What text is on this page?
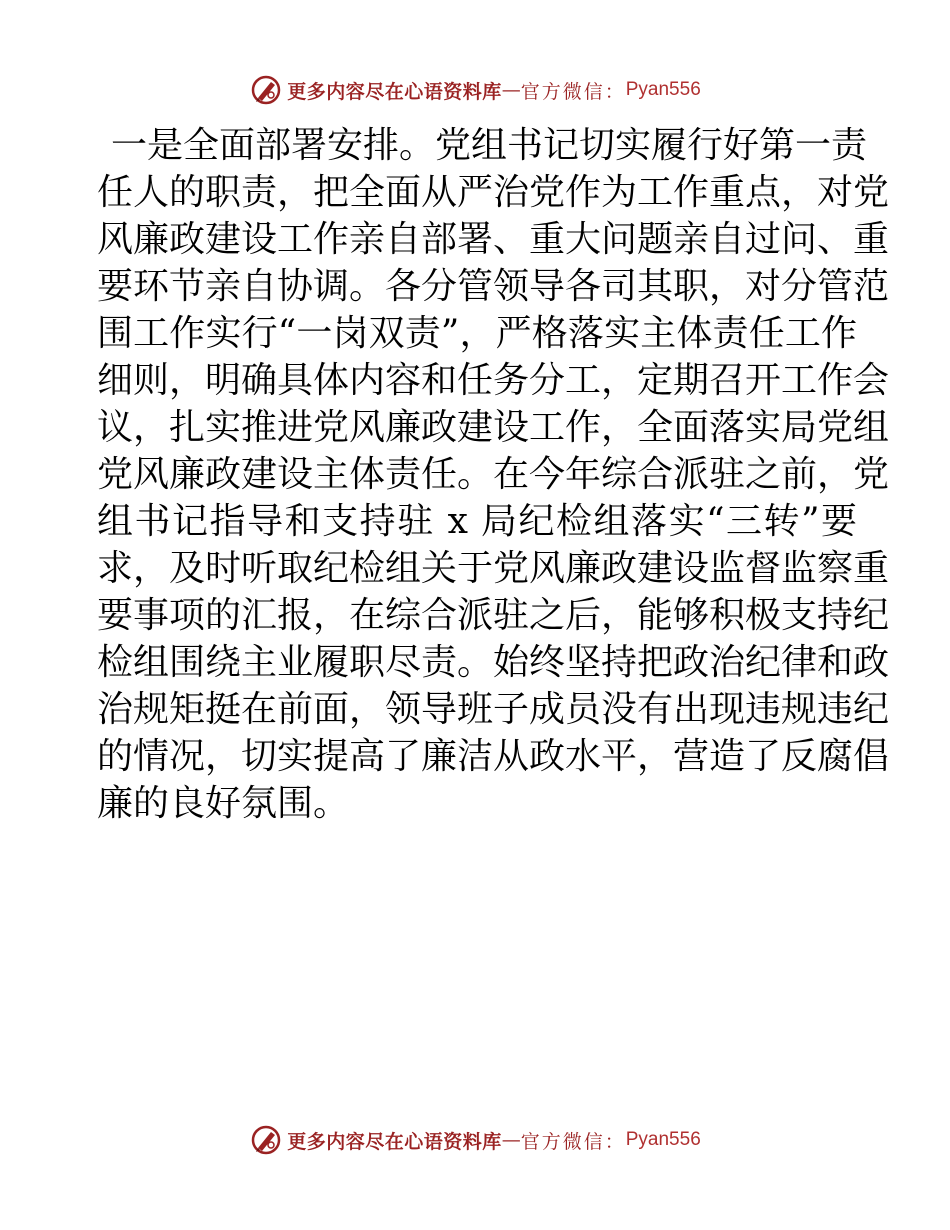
更多内容尽在心语资料库 — 官方微信： Pyan556
一是全面部署安排。党组书记切实履行好第一责
任人的职责，把全面从严治党作为工作重点，对党
风廉政建设工作亲自部署、重大问题亲自过问、重
要环节亲自协调。各分管领导各司其职，对分管范
围工作实行“一岗双责”，严格落实主体责任工作
细则，明确具体内容和任务分工，定期召开工作会
议，扎实推进党风廉政建设工作，全面落实局党组
党风廉政建设主体责任。在今年综合派驻之前，党
组书记指导和支持驻 x 局纪检组落实“三转”要
求，及时听取纪检组关于党风廉政建设监督监察重
要事项的汇报，在综合派驻之后，能够积极支持纪
检组围绕主业履职尽责。始终坚持把政治纪律和政
治规矩挺在前面，领导班子成员没有出现违规违纪
的情况，切实提高了廉洁从政水平，营造了反腐倡
廉的良好氛围。
更多内容尽在心语资料库 — 官方微信： Pyan556
